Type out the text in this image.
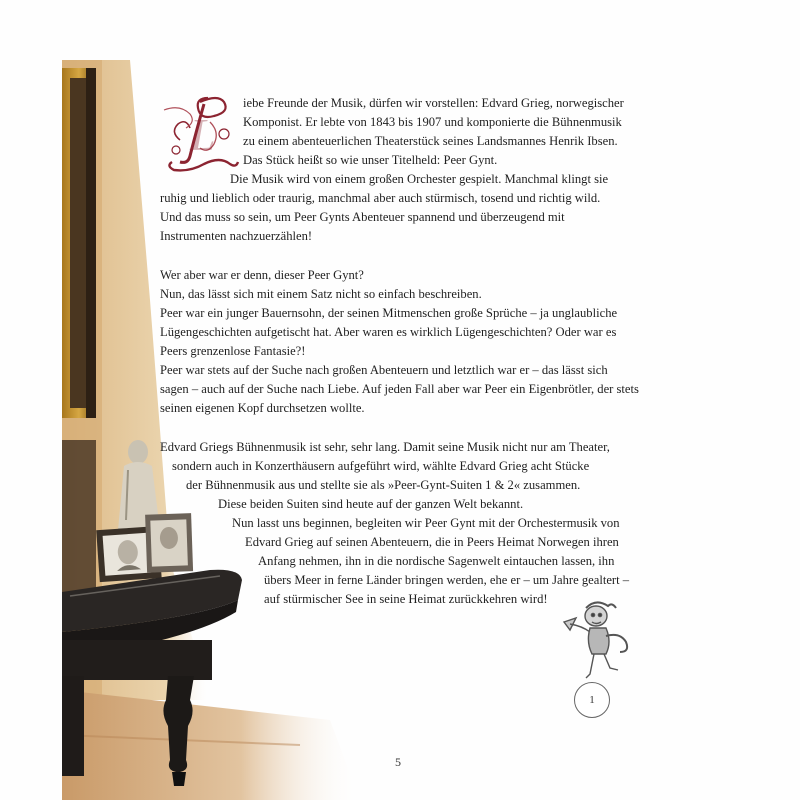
L
iebe Freunde der Musik, dürfen wir vorstellen: Edvard Grieg, norwegischer
Komponist. Er lebte von 1843 bis 1907 und komponierte die Bühnenmusik
zu einem abenteuerlichen Theaterstück seines Landsmannes Henrik Ibsen.
Das Stück heißt so wie unser Titelheld: Peer Gynt.
Die Musik wird von einem großen Orchester gespielt. Manchmal klingt sie
ruhig und lieblich oder traurig, manchmal aber auch stürmisch, tosend und richtig wild.
Und das muss so sein, um Peer Gynts Abenteuer spannend und überzeugend mit
Instrumenten nachzuerzählen!
Wer aber war er denn, dieser Peer Gynt?
Nun, das lässt sich mit einem Satz nicht so einfach beschreiben.
Peer war ein junger Bauernsohn, der seinen Mitmenschen große Sprüche – ja unglaubliche
Lügengeschichten aufgetischt hat. Aber waren es wirklich Lügengeschichten? Oder war es
Peers grenzenlose Fantasie?!
Peer war stets auf der Suche nach großen Abenteuern und letztlich war er – das lässt sich
sagen – auch auf der Suche nach Liebe. Auf jeden Fall aber war Peer ein Eigenbrötler, der stets
seinen eigenen Kopf durchsetzen wollte.
Edvard Griegs Bühnenmusik ist sehr, sehr lang. Damit seine Musik nicht nur am Theater,
sondern auch in Konzerthäusern aufgeführt wird, wählte Edvard Grieg acht Stücke
der Bühnenmusik aus und stellte sie als »Peer-Gynt-Suiten 1 & 2« zusammen.
Diese beiden Suiten sind heute auf der ganzen Welt bekannt.
Nun lasst uns beginnen, begleiten wir Peer Gynt mit der Orchestermusik von
Edvard Grieg auf seinen Abenteuern, die in Peers Heimat Norwegen ihren
Anfang nehmen, ihn in die nordische Sagenwelt eintauchen lassen, ihn
übers Meer in ferne Länder bringen werden, ehe er – um Jahre gealtert –
auf stürmischer See in seine Heimat zurückkehren wird!
1
5
